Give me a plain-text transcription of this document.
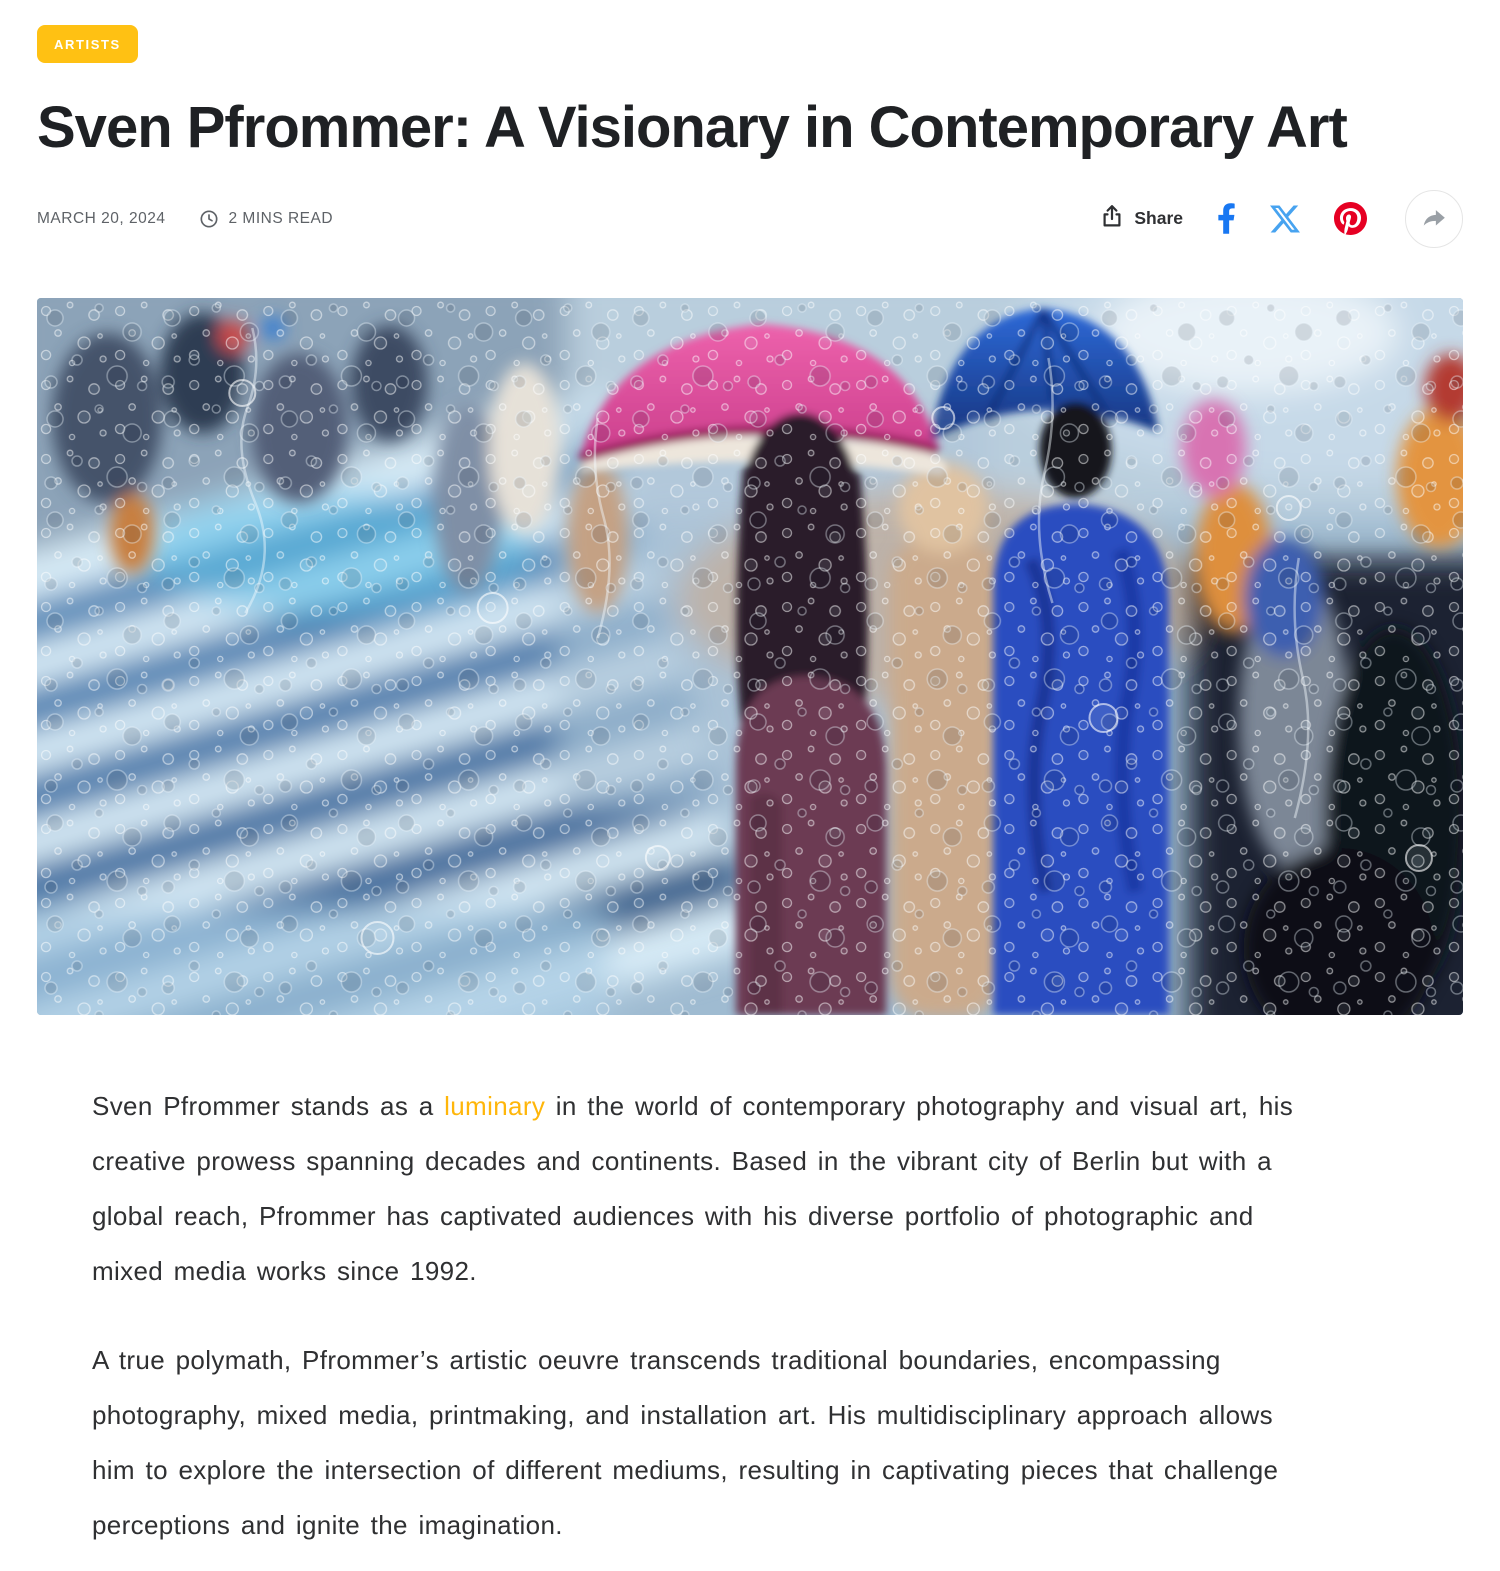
ARTISTS
Sven Pfrommer: A Visionary in Contemporary Art
MARCH 20, 2024	2 MINS READ	Share

Sven Pfrommer stands as a luminary in the world of contemporary photography and visual art, his creative prowess spanning decades and continents. Based in the vibrant city of Berlin but with a global reach, Pfrommer has captivated audiences with his diverse portfolio of photographic and mixed media works since 1992.

A true polymath, Pfrommer’s artistic oeuvre transcends traditional boundaries, encompassing photography, mixed media, printmaking, and installation art. His multidisciplinary approach allows him to explore the intersection of different mediums, resulting in captivating pieces that challenge perceptions and ignite the imagination.
